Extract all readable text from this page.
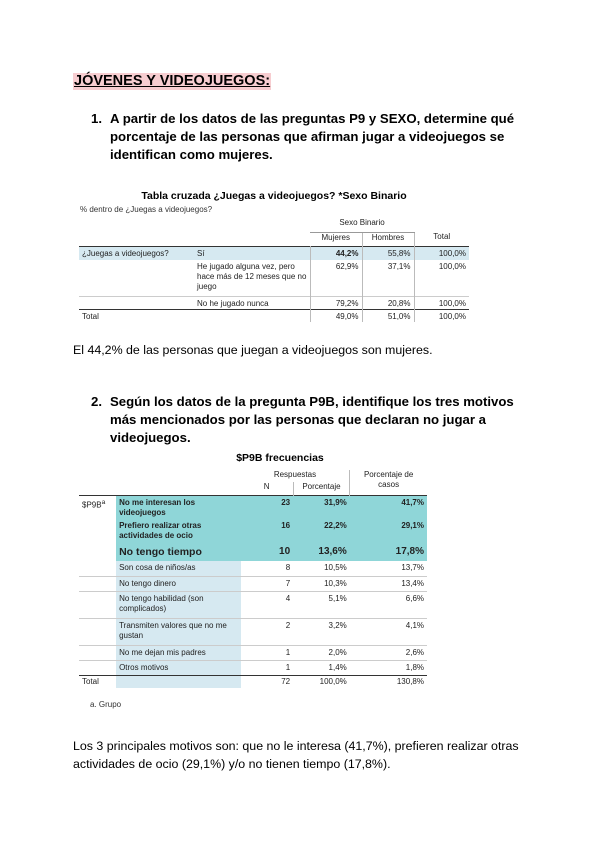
JÓVENES Y VIDEOJUEGOS:
1. A partir de los datos de las preguntas P9 y SEXO, determine qué porcentaje de las personas que afirman jugar a videojuegos se identifican como mujeres.
Tabla cruzada ¿Juegas a videojuegos? *Sexo Binario
% dentro de ¿Juegas a videojuegos?
		Sexo Binario		
		Mujeres	Hombres	Total
¿Juegas a videojuegos?	Sí	44,2%	55,8%	100,0%
	He jugado alguna vez, pero hace más de 12 meses que no juego	62,9%	37,1%	100,0%
	No he jugado nunca	79,2%	20,8%	100,0%
Total		49,0%	51,0%	100,0%
El 44,2% de las personas que juegan a videojuegos son mujeres.
2. Según los datos de la pregunta P9B, identifique los tres motivos más mencionados por las personas que declaran no jugar a videojuegos.
$P9B frecuencias
		Respuestas		Porcentaje de casos
		N	Porcentaje	
$\$P9B^a$	No me interesan los videojuegos	23	31,9%	41,7%
	Prefiero realizar otras actividades de ocio	16	22,2%	29,1%
	No tengo tiempo	10	13,6%	17,8%
	Son cosa de niños/as	8	10,5%	13,7%
	No tengo dinero	7	10,3%	13,4%
	No tengo habilidad (son complicados)	4	5,1%	6,6%
	Transmiten valores que no me gustan	2	3,2%	4,1%
	No me dejan mis padres	1	2,0%	2,6%
	Otros motivos	1	1,4%	1,8%
Total		72	100,0%	130,8%
a. Grupo
Los 3 principales motivos son: que no le interesa (41,7%), prefieren realizar otras actividades de ocio (29,1%) y/o no tienen tiempo (17,8%).
